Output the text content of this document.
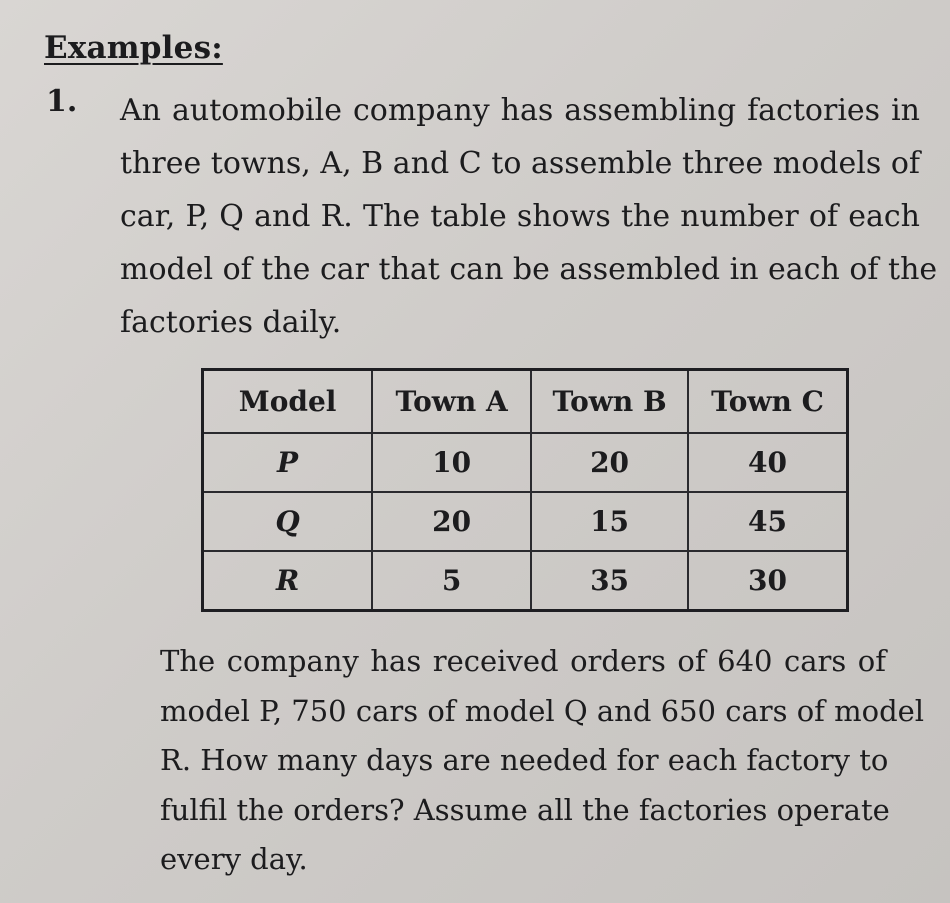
Examples:
1. An automobile company has assembling factories in
three towns, A, B and C to assemble three models of
car, P, Q and R. The table shows the number of each
model of the car that can be assembled in each of the
factories daily.

Model	Town A	Town B	Town C
P	10	20	40
Q	20	15	45
R	5	35	30

The company has received orders of 640 cars of
model P, 750 cars of model Q and 650 cars of model
R. How many days are needed for each factory to
fulfil the orders? Assume all the factories operate
every day.
